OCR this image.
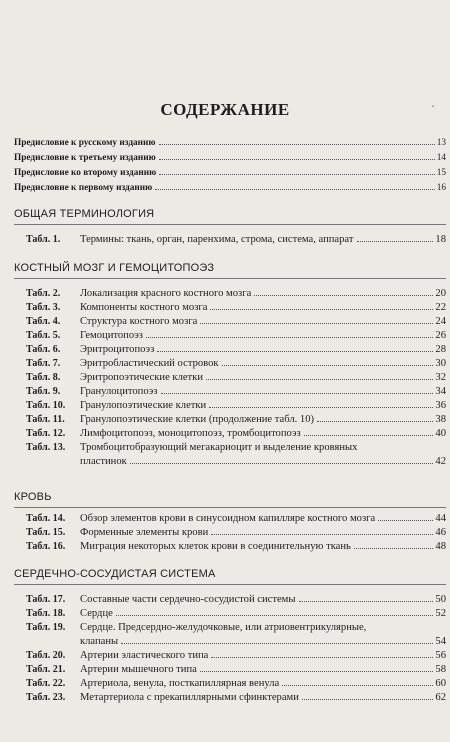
СОДЕРЖАНИЕ	▪
Предисловие к русскому изданию	13
Предисловие к третьему изданию	14
Предисловие ко второму изданию	15
Предисловие к первому изданию	16
ОБЩАЯ ТЕРМИНОЛОГИЯ
Табл. 1.	Термины: ткань, орган, паренхима, строма, система, аппарат	18
КОСТНЫЙ МОЗГ И ГЕМОЦИТОПОЭЗ
Табл. 2.	Локализация красного костного мозга	20
Табл. 3.	Компоненты костного мозга	22
Табл. 4.	Структура костного мозга	24
Табл. 5.	Гемоцитопоэз	26
Табл. 6.	Эритроцитопоэз	28
Табл. 7.	Эритробластический островок	30
Табл. 8.	Эритропоэтические клетки	32
Табл. 9.	Гранулоцитопоэз	34
Табл. 10.	Гранулопоэтические клетки	36
Табл. 11.	Гранулопоэтические клетки (продолжение табл. 10)	38
Табл. 12.	Лимфоцитопоэз, моноцитопоэз, тромбоцитопоэз	40
Табл. 13.	Тромбоцитобразующий мегакариоцит и выделение кровяных
пластинок	42
КРОВЬ
Табл. 14.	Обзор элементов крови в синусоидном капилляре костного мозга	44
Табл. 15.	Форменные элементы крови	46
Табл. 16.	Миграция некоторых клеток крови в соединительную ткань	48
СЕРДЕЧНО-СОСУДИСТАЯ СИСТЕМА
Табл. 17.	Составные части сердечно-сосудистой системы	50
Табл. 18.	Сердце	52
Табл. 19.	Сердце. Предсердно-желудочковые, или атриовентрикулярные,
клапаны	54
Табл. 20.	Артерии эластического типа	56
Табл. 21.	Артерии мышечного типа	58
Табл. 22.	Артериола, венула, посткапиллярная венула	60
Табл. 23.	Метартериола с прекапиллярными сфинктерами	62
